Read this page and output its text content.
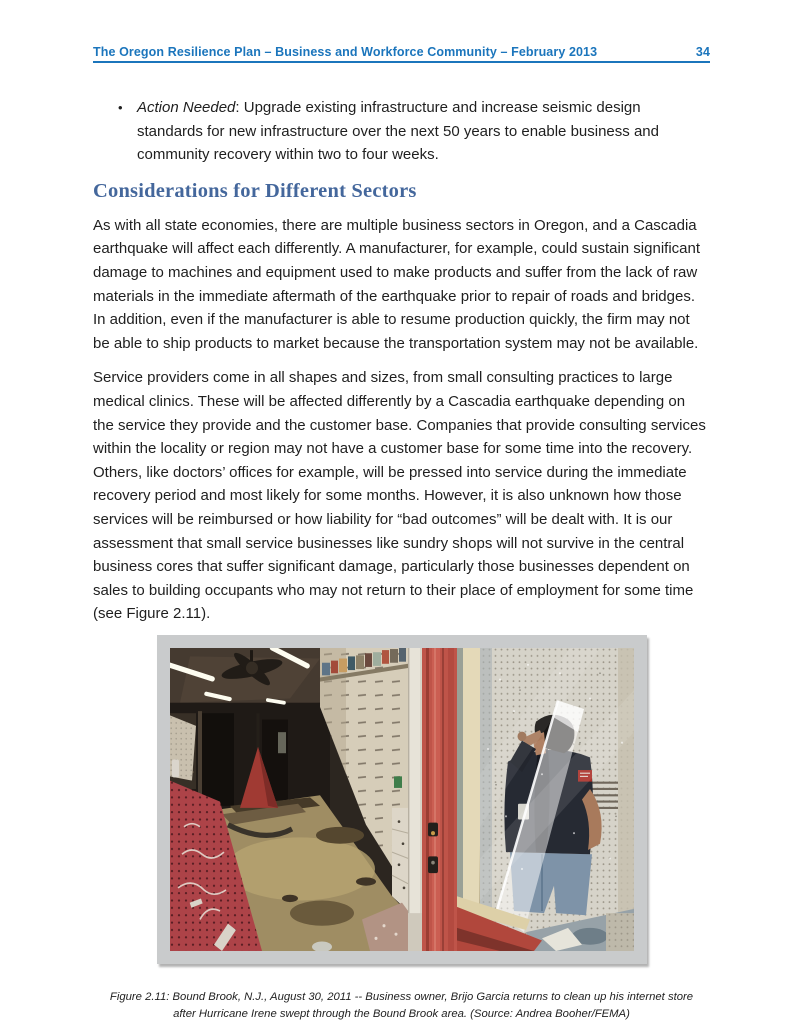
The Oregon Resilience Plan – Business and Workforce Community – February 2013	34
• Action Needed: Upgrade existing infrastructure and increase seismic design standards for new infrastructure over the next 50 years to enable business and community recovery within two to four weeks.
Considerations for Different Sectors

As with all state economies, there are multiple business sectors in Oregon, and a Cascadia earthquake will affect each differently. A manufacturer, for example, could sustain significant damage to machines and equipment used to make products and suffer from the lack of raw materials in the immediate aftermath of the earthquake prior to repair of roads and bridges. In addition, even if the manufacturer is able to resume production quickly, the firm may not be able to ship products to market because the transportation system may not be available.

Service providers come in all shapes and sizes, from small consulting practices to large medical clinics. These will be affected differently by a Cascadia earthquake depending on the service they provide and the customer base. Companies that provide consulting services within the locality or region may not have a customer base for some time into the recovery. Others, like doctors’ offices for example, will be pressed into service during the immediate recovery period and most likely for some months. However, it is also unknown how those services will be reimbursed or how liability for “bad outcomes” will be dealt with. It is our assessment that small service businesses like sundry shops will not survive in the central business cores that suffer significant damage, particularly those businesses dependent on sales to building occupants who may not return to their place of employment for some time (see Figure 2.11).

Figure 2.11: Bound Brook, N.J., August 30, 2011 -- Business owner, Brijo Garcia returns to clean up his internet store after Hurricane Irene swept through the Bound Brook area. (Source: Andrea Booher/FEMA)
